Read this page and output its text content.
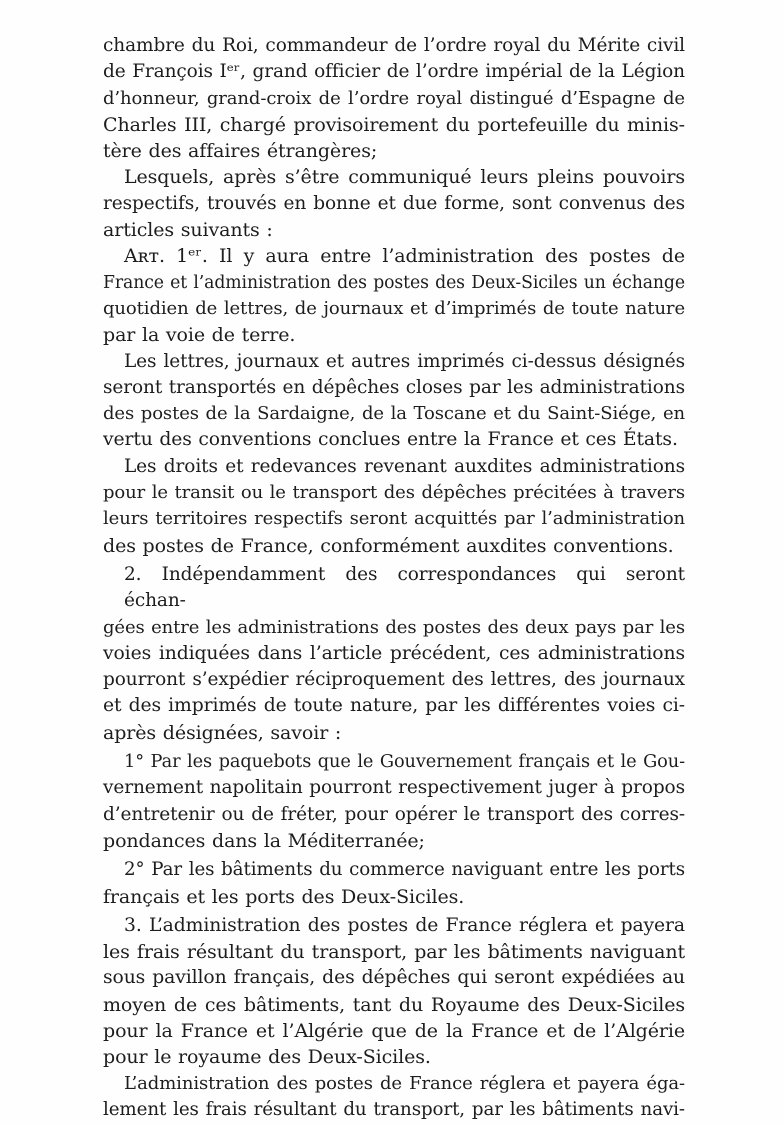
chambre du Roi, commandeur de l’ordre royal du Mérite civil
de François Iᵉʳ, grand officier de l’ordre impérial de la Légion
d’honneur, grand-croix de l’ordre royal distingué d’Espagne de
Charles III, chargé provisoirement du portefeuille du minis-
tère des affaires étrangères;
Lesquels, après s’être communiqué leurs pleins pouvoirs
respectifs, trouvés en bonne et due forme, sont convenus des
articles suivants :
Aʀᴛ. 1ᵉʳ. Il y aura entre l’administration des postes de
France et l’administration des postes des Deux-Siciles un échange
quotidien de lettres, de journaux et d’imprimés de toute nature
par la voie de terre.
Les lettres, journaux et autres imprimés ci-dessus désignés
seront transportés en dépêches closes par les administrations
des postes de la Sardaigne, de la Toscane et du Saint-Siége, en
vertu des conventions conclues entre la France et ces États.
Les droits et redevances revenant auxdites administrations
pour le transit ou le transport des dépêches précitées à travers
leurs territoires respectifs seront acquittés par l’administration
des postes de France, conformément auxdites conventions.
2. Indépendamment des correspondances qui seront échan-
gées entre les administrations des postes des deux pays par les
voies indiquées dans l’article précédent, ces administrations
pourront s’expédier réciproquement des lettres, des journaux
et des imprimés de toute nature, par les différentes voies ci-
après désignées, savoir :
1° Par les paquebots que le Gouvernement français et le Gou-
vernement napolitain pourront respectivement juger à propos
d’entretenir ou de fréter, pour opérer le transport des corres-
pondances dans la Méditerranée;
2° Par les bâtiments du commerce naviguant entre les ports
français et les ports des Deux-Siciles.
3. L’administration des postes de France réglera et payera
les frais résultant du transport, par les bâtiments naviguant
sous pavillon français, des dépêches qui seront expédiées au
moyen de ces bâtiments, tant du Royaume des Deux-Siciles
pour la France et l’Algérie que de la France et de l’Algérie
pour le royaume des Deux-Siciles.
L’administration des postes de France réglera et payera éga-
lement les frais résultant du transport, par les bâtiments navi-
